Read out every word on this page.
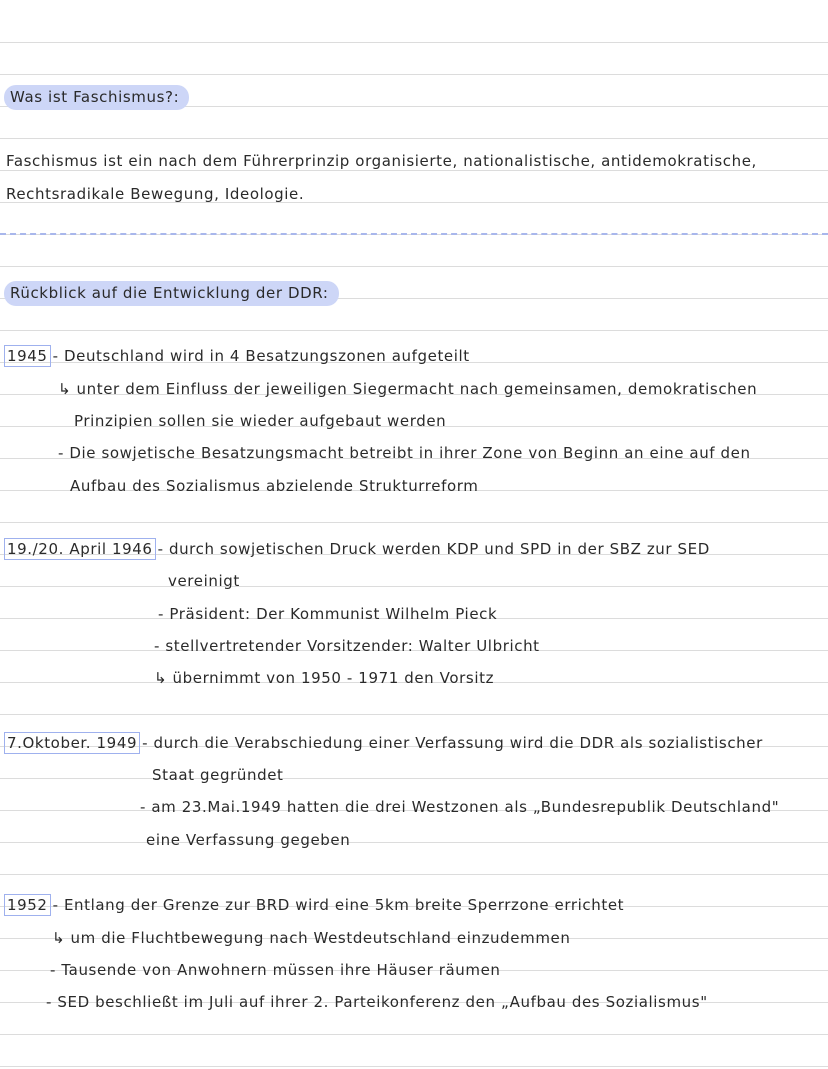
Was ist Faschismus?:
Faschismus ist ein nach dem Führerprinzip organisierte, nationalistische, antidemokratische,
Rechtsradikale Bewegung, Ideologie.
Rückblick auf die Entwicklung der DDR:
1945 - Deutschland wird in 4 Besatzungszonen aufgeteilt
↳ unter dem Einfluss der jeweiligen Siegermacht nach gemeinsamen, demokratischen
Prinzipien sollen sie wieder aufgebaut werden
- Die sowjetische Besatzungsmacht betreibt in ihrer Zone von Beginn an eine auf den
Aufbau des Sozialismus abzielende Strukturreform
19./20. April 1946 - durch sowjetischen Druck werden KDP und SPD in der SBZ zur SED
vereinigt
- Präsident: Der Kommunist Wilhelm Pieck
- stellvertretender Vorsitzender: Walter Ulbricht
↳ übernimmt von 1950 - 1971 den Vorsitz
7.Oktober. 1949 - durch die Verabschiedung einer Verfassung wird die DDR als sozialistischer
Staat gegründet
- am 23.Mai.1949 hatten die drei Westzonen als „Bundesrepublik Deutschland"
eine Verfassung gegeben
1952 - Entlang der Grenze zur BRD wird eine 5km breite Sperrzone errichtet
↳ um die Fluchtbewegung nach Westdeutschland einzudemmen
- Tausende von Anwohnern müssen ihre Häuser räumen
- SED beschließt im Juli auf ihrer 2. Parteikonferenz den „Aufbau des Sozialismus"
